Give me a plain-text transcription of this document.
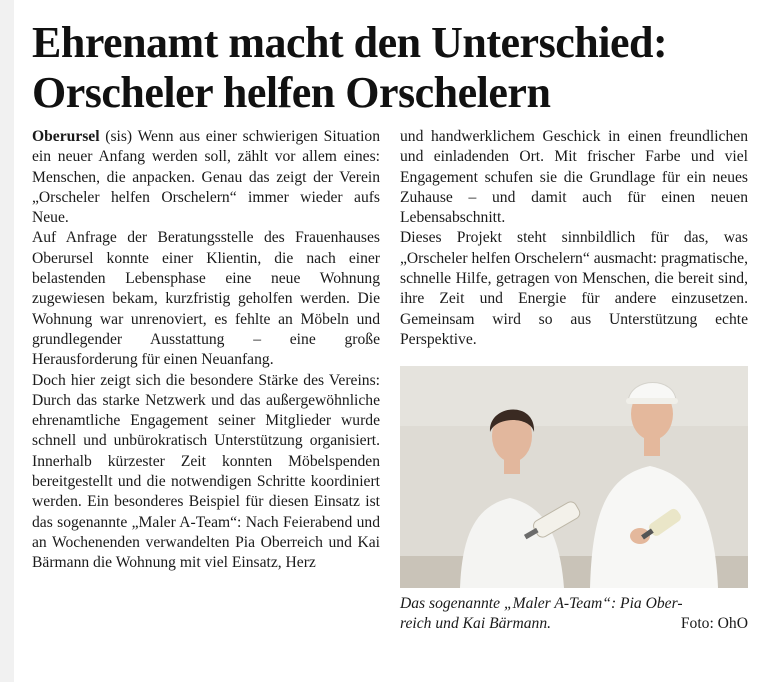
Ehrenamt macht den Unterschied:
Orscheler helfen Orschelern

Oberursel (sis) Wenn aus einer schwierigen Situation ein neuer Anfang werden soll, zählt vor allem eines: Menschen, die anpacken. Genau das zeigt der Verein „Orscheler helfen Orschelern“ immer wieder aufs Neue.

Auf Anfrage der Beratungsstelle des Frauenhauses Oberursel konnte einer Klientin, die nach einer belastenden Lebensphase eine neue Wohnung zugewiesen bekam, kurzfristig geholfen werden. Die Wohnung war unrenoviert, es fehlte an Möbeln und grundlegender Ausstattung – eine große Herausforderung für einen Neuanfang.

Doch hier zeigt sich die besondere Stärke des Vereins: Durch das starke Netzwerk und das außergewöhnliche ehrenamtliche Engagement seiner Mitglieder wurde schnell und unbürokratisch Unterstützung organisiert. Innerhalb kürzester Zeit konnten Möbelspenden bereitgestellt und die notwendigen Schritte koordiniert werden. Ein besonderes Beispiel für diesen Einsatz ist das sogenannte „Maler A-Team“: Nach Feierabend und an Wochenenden verwandelten Pia Oberreich und Kai Bärmann die Wohnung mit viel Einsatz, Herz

und handwerklichem Geschick in einen freundlichen und einladenden Ort. Mit frischer Farbe und viel Engagement schufen sie die Grundlage für ein neues Zuhause – und damit auch für einen neuen Lebensabschnitt.

Dieses Projekt steht sinnbildlich für das, was „Orscheler helfen Orschelern“ ausmacht: pragmatische, schnelle Hilfe, getragen von Menschen, die bereit sind, ihre Zeit und Energie für andere einzusetzen. Gemeinsam wird so aus Unterstützung echte Perspektive.

Das sogenannte „Maler A-Team“: Pia Ober-
reich und Kai Bärmann.	Foto: OhO
